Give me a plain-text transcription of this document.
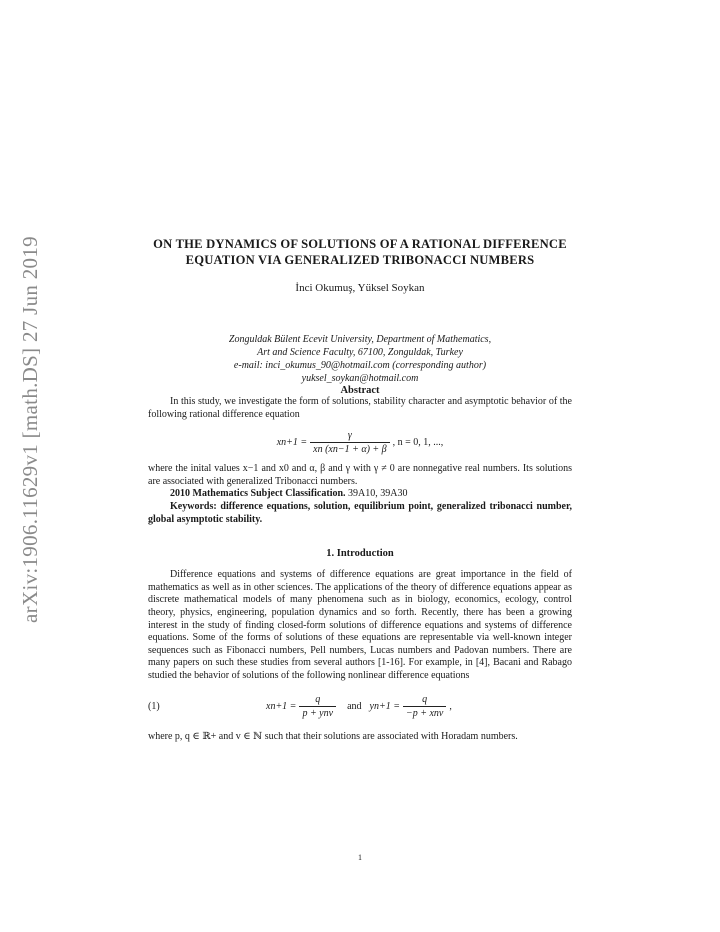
arXiv:1906.11629v1 [math.DS] 27 Jun 2019	ON THE DYNAMICS OF SOLUTIONS OF A RATIONAL DIFFERENCE EQUATION VIA GENERALIZED TRIBONACCI NUMBERS
İnci Okumuş, Yüksel Soykan
Zonguldak Bülent Ecevit University, Department of Mathematics,
Art and Science Faculty, 67100, Zonguldak, Turkey
e-mail: inci_okumus_90@hotmail.com (corresponding author)
yuksel_soykan@hotmail.com
Abstract

In this study, we investigate the form of solutions, stability character and asymptotic behavior of the following rational difference equation

$xn+1 = \frac{\gamma}{xn (xn-1 + \alpha) + \beta}$ , n = 0, 1, ...,

where the inital values x−1 and x0 and α, β and γ with γ ≠ 0 are nonnegative real numbers. Its solutions are associated with generalized Tribonacci numbers.

2010 Mathematics Subject Classification. 39A10, 39A30

Keywords: difference equations, solution, equilibrium point, generalized tribonacci number, global asymptotic stability.

1. Introduction

Difference equations and systems of difference equations are great importance in the field of mathematics as well as in other sciences. The applications of the theory of difference equations appear as discrete mathematical models of many phenomena such as in biology, economics, ecology, control theory, physics, engineering, population dynamics and so forth. Recently, there has been a growing interest in the study of finding closed-form solutions of difference equations and systems of difference equations. Some of the forms of solutions of these equations are representable via well-known integer sequences such as Fibonacci numbers, Pell numbers, Lucas numbers and Padovan numbers. There are many papers on such these studies from several authors [1-16]. For example, in [4], Bacani and Rabago studied the behavior of solutions of the following nonlinear difference equations

(1)	$xn+1 = \frac{q}{\text{p + ynv}}$ and $yn+1 = \frac{q}{\text{−p + xnv}}$ ,

where p, q ∈ ℝ+ and v ∈ ℕ such that their solutions are associated with Horadam numbers.

1
